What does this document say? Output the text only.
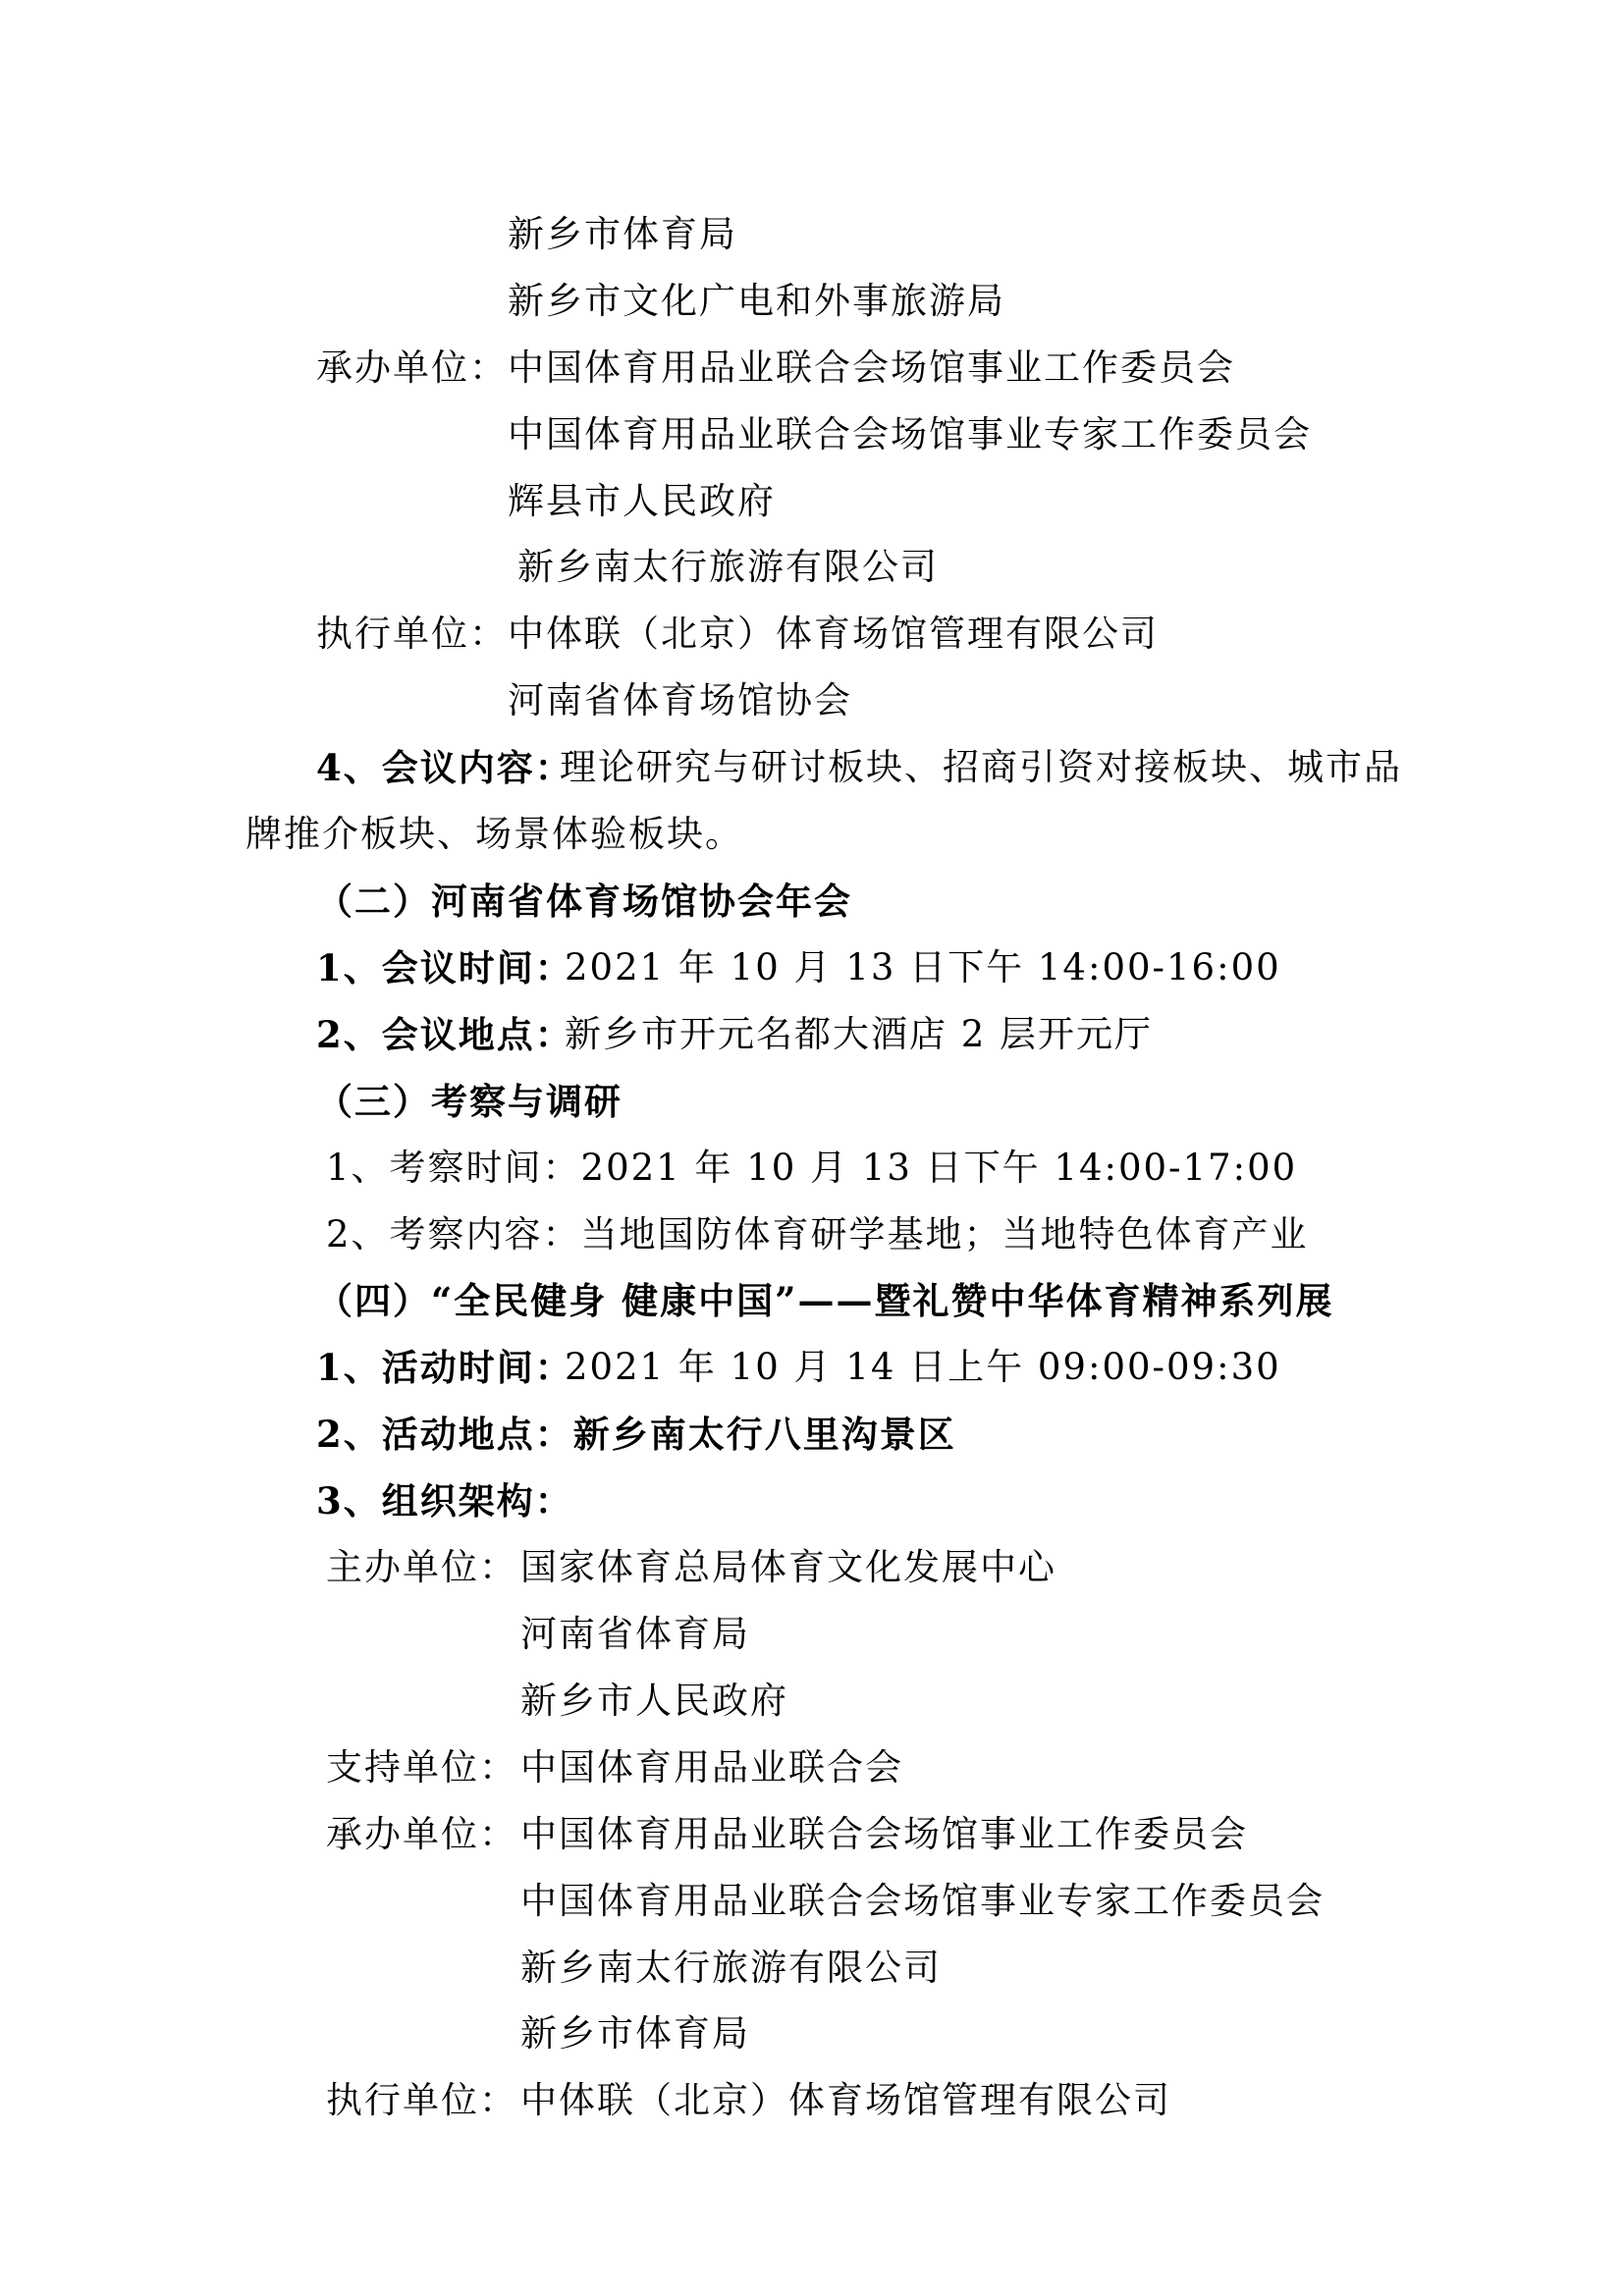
新乡市体育局
新乡市文化广电和外事旅游局
承办单位： 中国体育用品业联合会场馆事业工作委员会
中国体育用品业联合会场馆事业专家工作委员会
辉县市人民政府
新乡南太行旅游有限公司
执行单位： 中体联（北京）体育场馆管理有限公司
河南省体育场馆协会
4、会议内容：
理论研究与研讨板块、招商引资对接板块、城市品
牌推介板块、场景体验板块。
（二）河南省体育场馆协会年会
1、会议时间：
2021 年 10 月 13 日下午 14:00-16:00
2、会议地点：
新乡市开元名都大酒店 2 层开元厅
（三）考察与调研
1、考察时间：2021 年 10 月 13 日下午 14:00-17:00
2、考察内容：当地国防体育研学基地；当地特色体育产业
（四）“全民健身 健康中国”——暨礼赞中华体育精神系列展
1、活动时间：
2021 年 10 月 14 日上午 09:00-09:30
2、活动地点：新乡南太行八里沟景区
3、组织架构：
主办单位： 国家体育总局体育文化发展中心
河南省体育局
新乡市人民政府
支持单位： 中国体育用品业联合会
承办单位： 中国体育用品业联合会场馆事业工作委员会
中国体育用品业联合会场馆事业专家工作委员会
新乡南太行旅游有限公司
新乡市体育局
执行单位： 中体联（北京）体育场馆管理有限公司
